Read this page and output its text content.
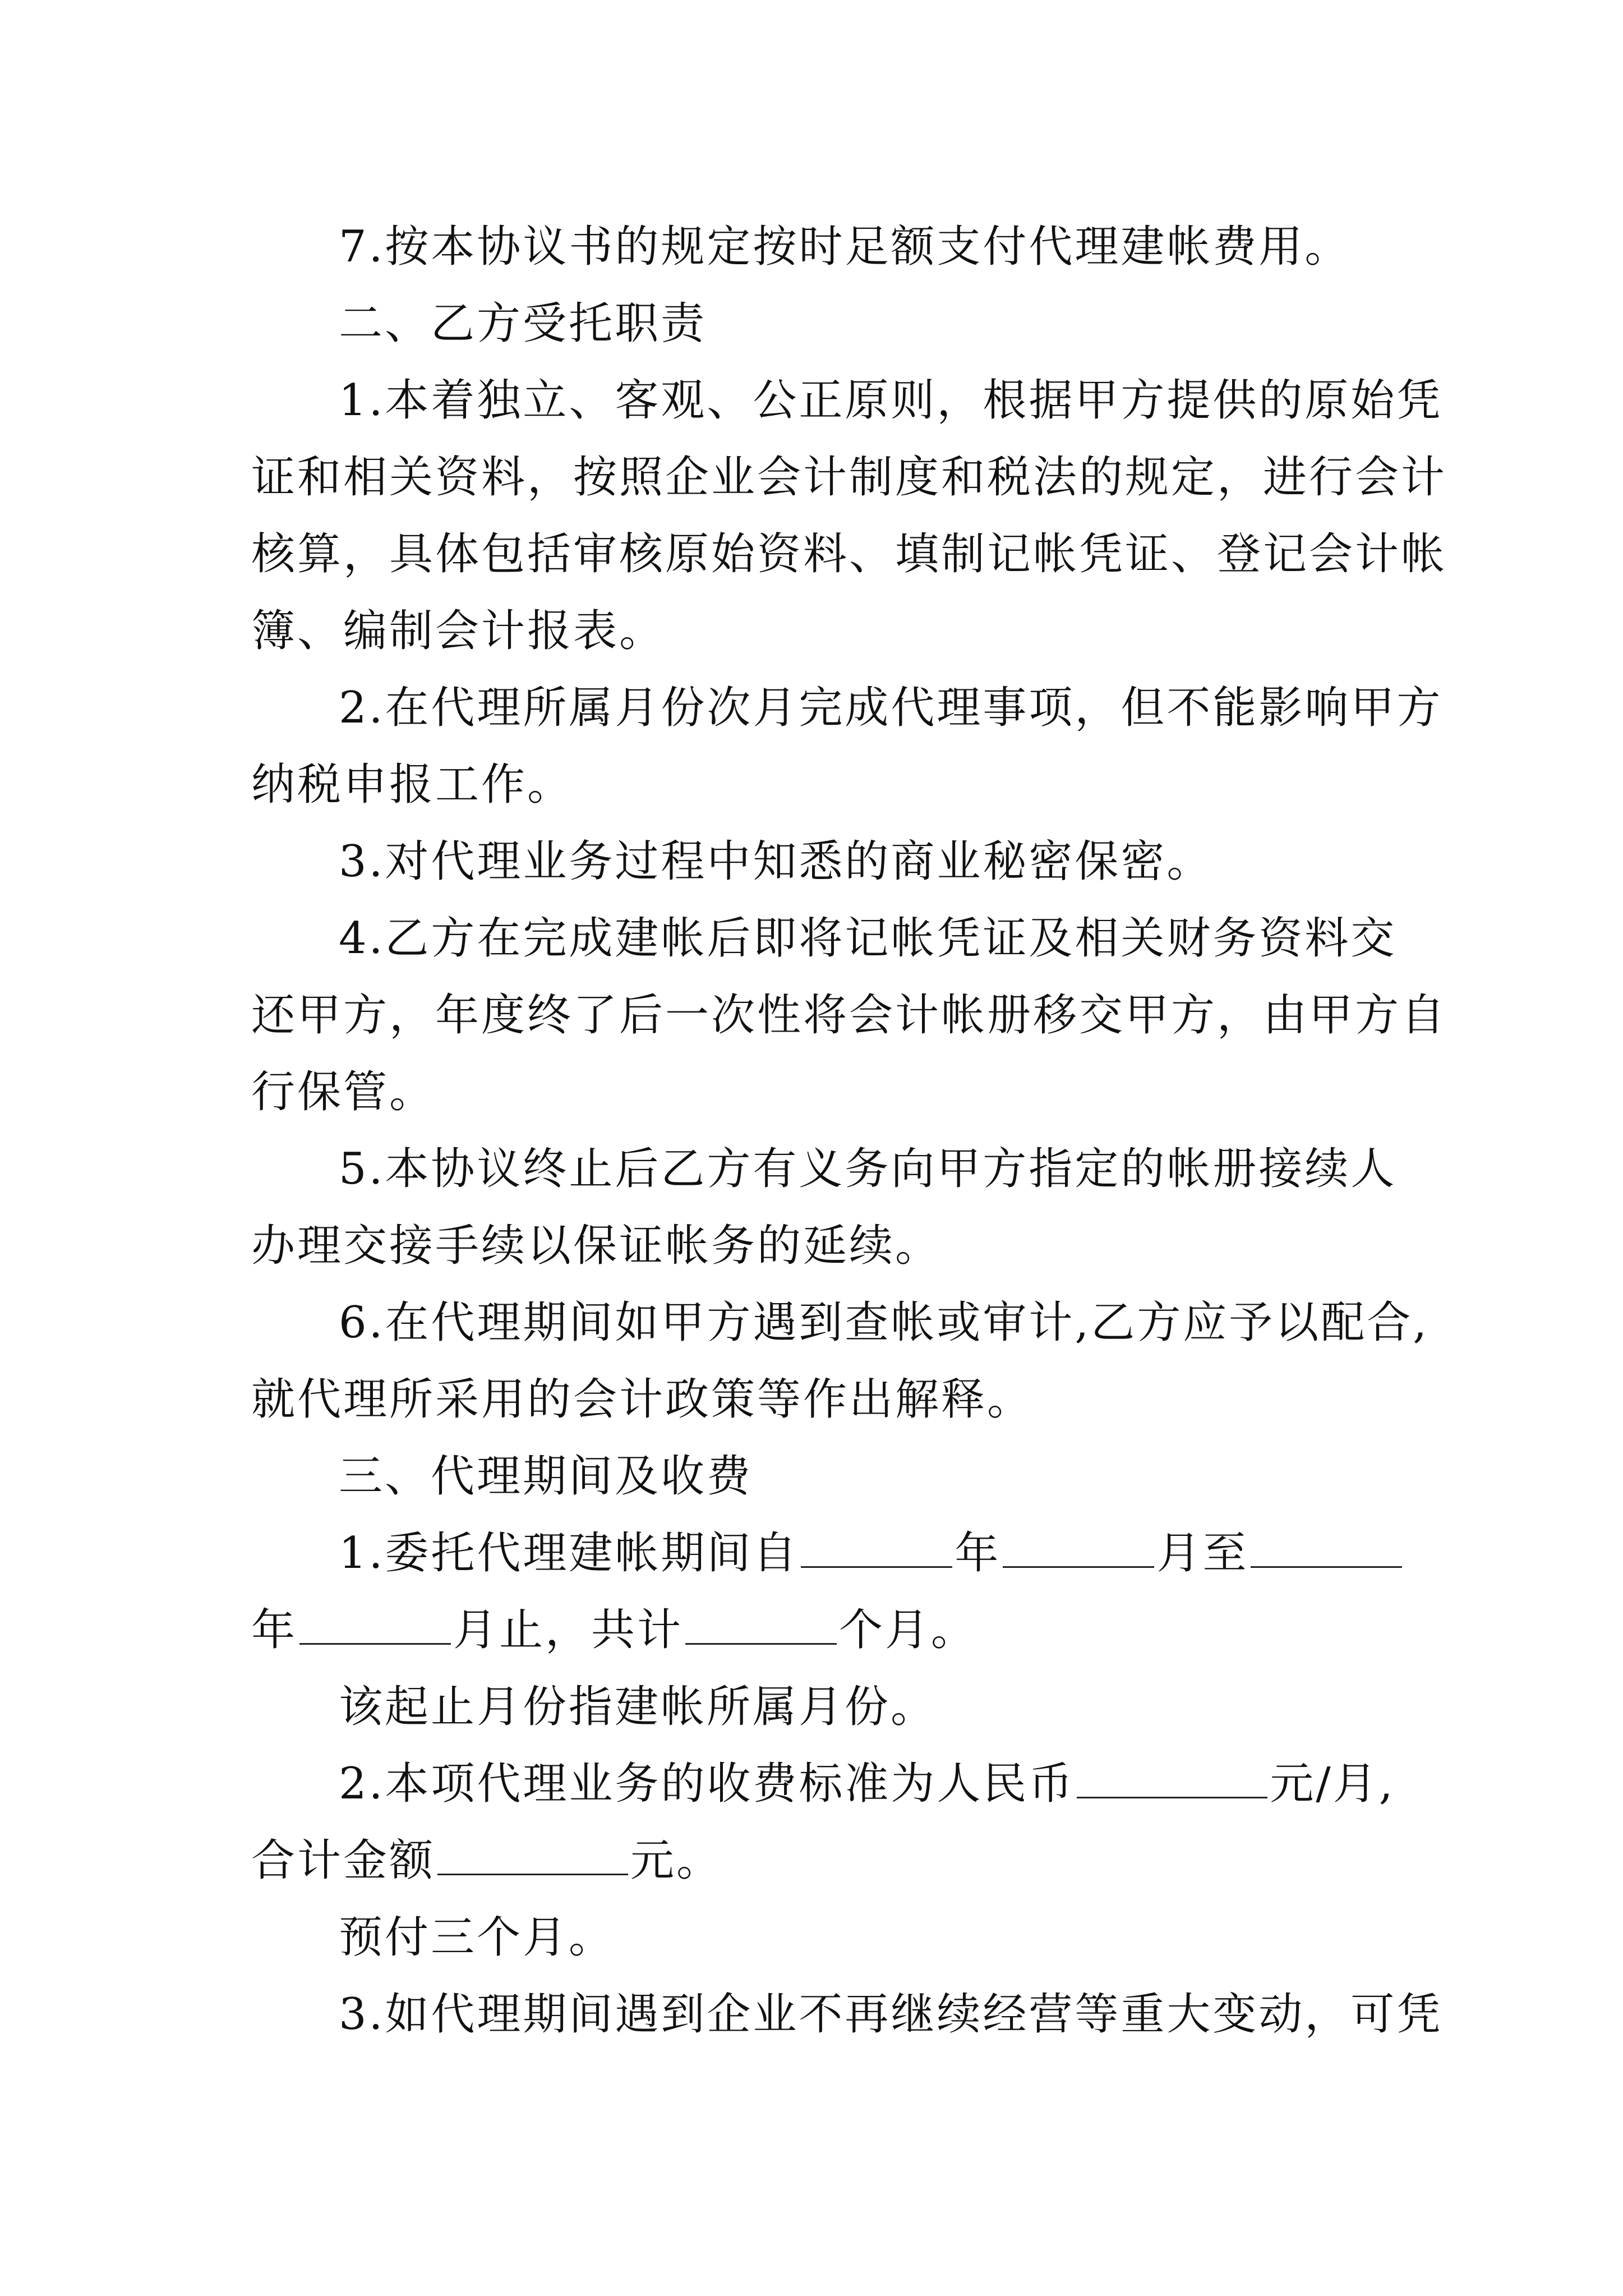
7.按本协议书的规定按时足额支付代理建帐费用。
二、乙方受托职责
1.本着独立、客观、公正原则，根据甲方提供的原始凭
证和相关资料，按照企业会计制度和税法的规定，进行会计
核算，具体包括审核原始资料、填制记帐凭证、登记会计帐
簿、编制会计报表。
2.在代理所属月份次月完成代理事项，但不能影响甲方
纳税申报工作。
3.对代理业务过程中知悉的商业秘密保密。
4.乙方在完成建帐后即将记帐凭证及相关财务资料交
还甲方，年度终了后一次性将会计帐册移交甲方，由甲方自
行保管。
5.本协议终止后乙方有义务向甲方指定的帐册接续人
办理交接手续以保证帐务的延续。
6.在代理期间如甲方遇到查帐或审计,乙方应予以配合,
就代理所采用的会计政策等作出解释。
三、代理期间及收费
1.委托代理建帐期间自	年	月至
年	月止，共计	个月。
该起止月份指建帐所属月份。
2.本项代理业务的收费标准为人民币	元/月,
合计金额	元。
预付三个月。
3.如代理期间遇到企业不再继续经营等重大变动，可凭
